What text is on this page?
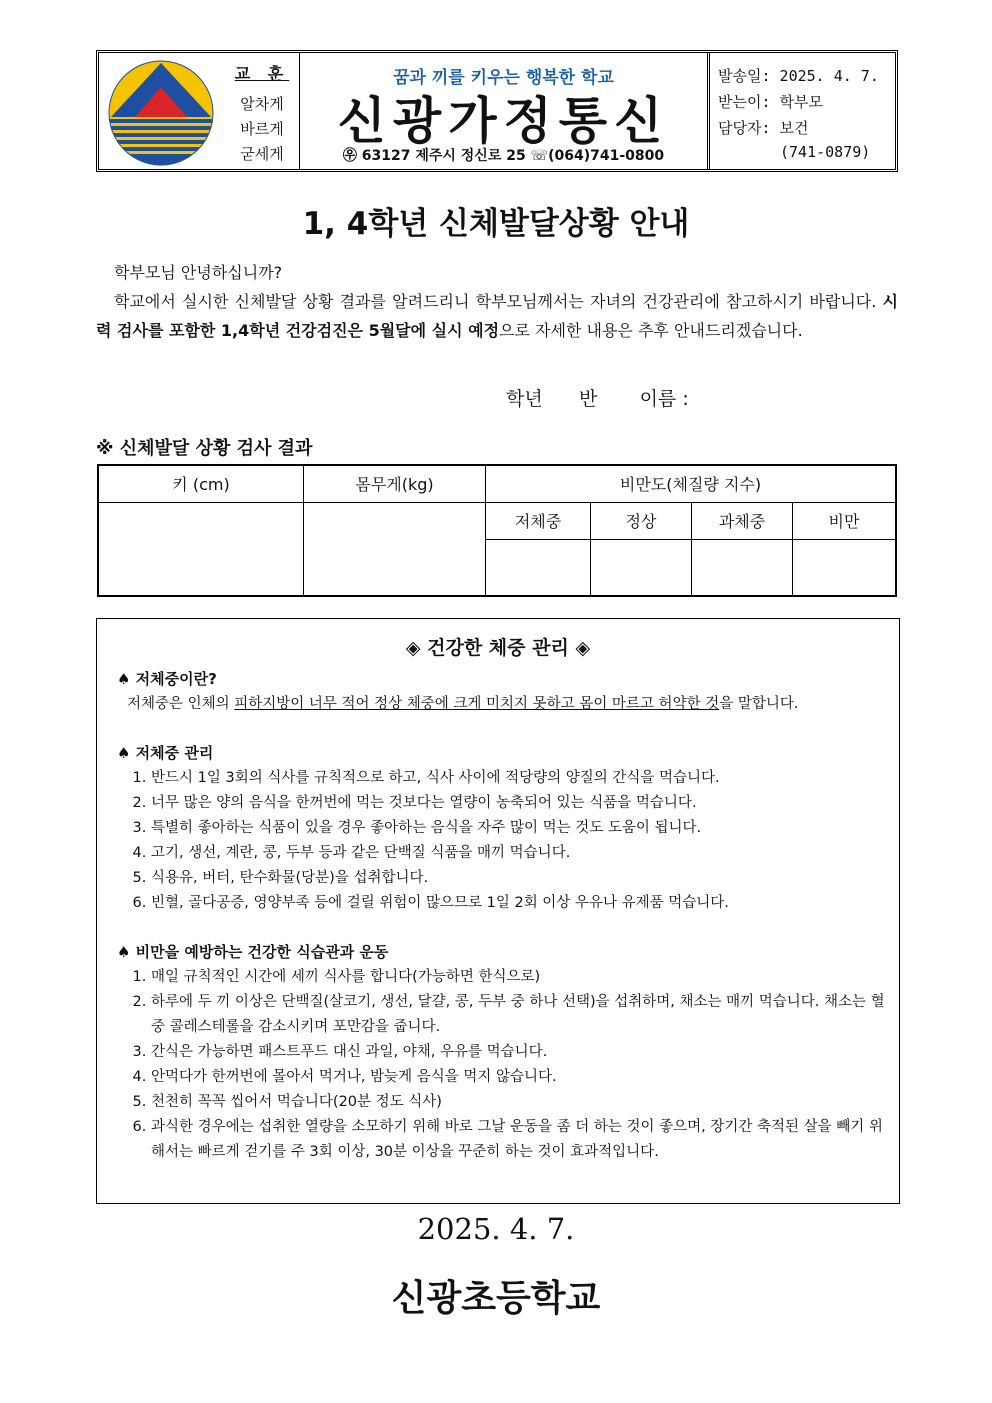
교 훈
알차게
바르게
굳세게
꿈과 끼를 키우는 행복한 학교
신광가정통신
㉾ 63127 제주시 정신로 25 ☏(064)741-0800
발송일: 2025. 4. 7.
받는이: 학부모
담당자: 보건
(741-0879)
1, 4학년 신체발달상황 안내

학부모님 안녕하십니까?

학교에서 실시한 신체발달 상황 결과를 알려드리니 학부모님께서는 자녀의 건강관리에 참고하시기 바랍니다. 시력 검사를 포함한 1,4학년 건강검진은 5월달에 실시 예정으로 자세한 내용은 추후 안내드리겠습니다.

학년      반       이름 :
※ 신체발달 상황 검사 결과
키 (cm)	몸무게(kg)	비만도(체질량 지수)			
		저체중	정상	과체중	비만

◈ 건강한 체중 관리 ◈
♠ 저체중이란?

저체중은 인체의 피하지방이 너무 적어 정상 체중에 크게 미치지 못하고 몸이 마르고 허약한 것을 말합니다.

♠ 저체중 관리
1. 반드시 1일 3회의 식사를 규칙적으로 하고, 식사 사이에 적당량의 양질의 간식을 먹습니다.
2. 너무 많은 양의 음식을 한꺼번에 먹는 것보다는 열량이 농축되어 있는 식품을 먹습니다.
3. 특별히 좋아하는 식품이 있을 경우 좋아하는 음식을 자주 많이 먹는 것도 도움이 됩니다.
4. 고기, 생선, 계란, 콩, 두부 등과 같은 단백질 식품을 매끼 먹습니다.
5. 식용유, 버터, 탄수화물(당분)을 섭취합니다.
6. 빈혈, 골다공증, 영양부족 등에 걸릴 위험이 많으므로 1일 2회 이상 우유나 유제품 먹습니다.
♠ 비만을 예방하는 건강한 식습관과 운동
1. 매일 규칙적인 시간에 세끼 식사를 합니다(가능하면 한식으로)
2. 하루에 두 끼 이상은 단백질(살코기, 생선, 달걀, 콩, 두부 중 하나 선택)을 섭취하며, 채소는 매끼 먹습니다. 채소는 혈중 콜레스테롤을 감소시키며 포만감을 줍니다.
3. 간식은 가능하면 패스트푸드 대신 과일, 야채, 우유를 먹습니다.
4. 안먹다가 한꺼번에 몰아서 먹거나, 밤늦게 음식을 먹지 않습니다.
5. 천천히 꼭꼭 씹어서 먹습니다(20분 정도 식사)
6. 과식한 경우에는 섭취한 열량을 소모하기 위해 바로 그날 운동을 좀 더 하는 것이 좋으며, 장기간 축적된 살을 빼기 위해서는 빠르게 걷기를 주 3회 이상, 30분 이상을 꾸준히 하는 것이 효과적입니다.
2025. 4. 7.
신광초등학교
